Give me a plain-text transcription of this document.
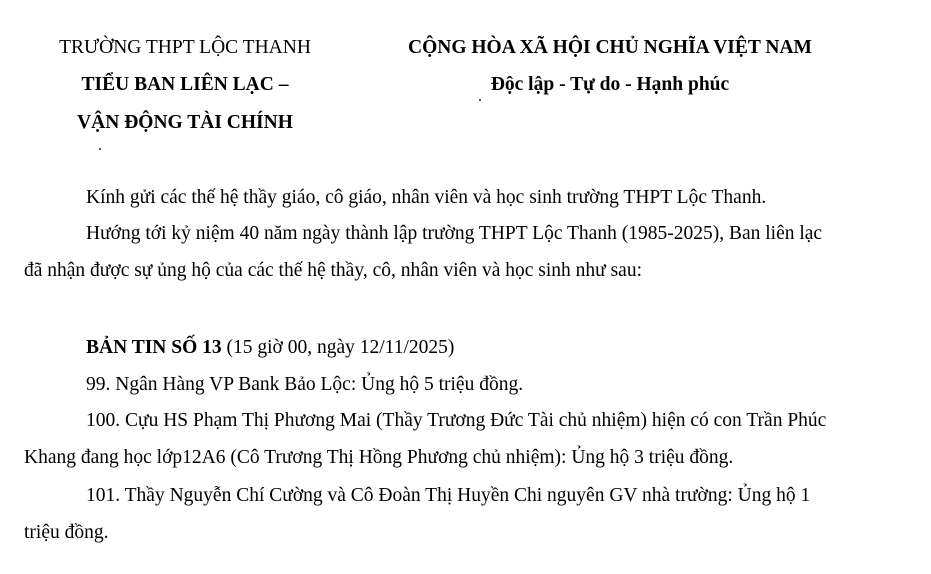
TRƯỜNG THPT LỘC THANH
TIỂU BAN LIÊN LẠC –
VẬN ĐỘNG TÀI CHÍNH
CỘNG HÒA XÃ HỘI CHỦ NGHĨA VIỆT NAM
Độc lập - Tự do - Hạnh phúc
Kính gửi các thế hệ thầy giáo, cô giáo, nhân viên và học sinh trường THPT Lộc Thanh.
Hướng tới kỷ niệm 40 năm ngày thành lập trường THPT Lộc Thanh (1985-2025), Ban liên lạc
đã nhận được sự ủng hộ của các thế hệ thầy, cô, nhân viên và học sinh như sau:
BẢN TIN SỐ 13 (15 giờ 00, ngày 12/11/2025)
99. Ngân Hàng VP Bank Bảo Lộc: Ủng hộ 5 triệu đồng.
100. Cựu HS Phạm Thị Phương Mai (Thầy Trương Đức Tài chủ nhiệm) hiện có con Trần Phúc
Khang đang học lớp12A6 (Cô Trương Thị Hồng Phương chủ nhiệm): Ủng hộ 3 triệu đồng.
101. Thầy Nguyễn Chí Cường và Cô Đoàn Thị Huyền Chi nguyên GV nhà trường: Ủng hộ 1
triệu đồng.
